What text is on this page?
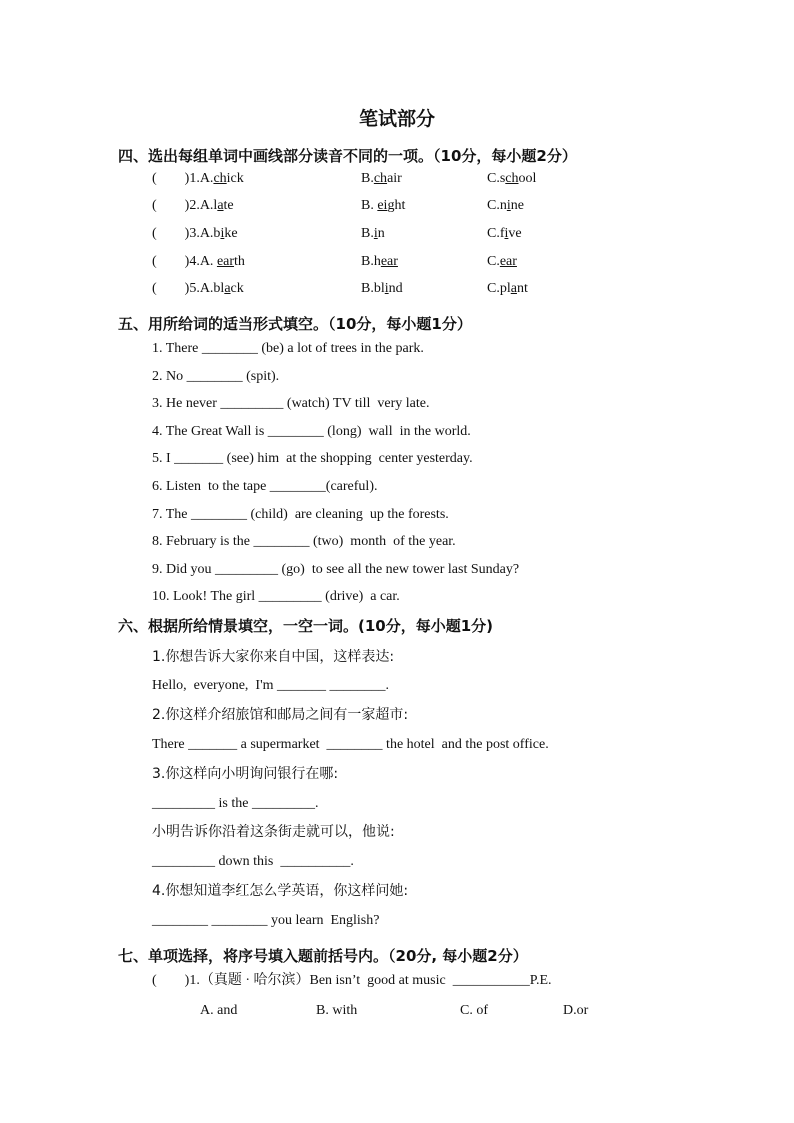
笔试部分
四、选出每组单词中画线部分读音不同的一项。（10分，每小题2分）
(        )1.A.chick	B.chair	C.school
(        )2.A.late	B. eight	C.nine
(        )3.A.bike	B.in	C.five
(        )4.A. earth	B.hear	C.ear
(        )5.A.black	B.blind	C.plant
五、用所给词的适当形式填空。（10分，每小题1分）
1. There ________ (be) a lot of trees in the park.
2. No ________ (spit).
3. He never _________ (watch) TV till  very late.
4. The Great Wall is ________ (long)  wall  in the world.
5. I _______ (see) him  at the shopping  center yesterday.
6. Listen  to the tape ________(careful).
7. The ________ (child)  are cleaning  up the forests.
8. February is the ________ (two)  month  of the year.
9. Did you _________ (go)  to see all the new tower last Sunday?
10. Look! The girl _________ (drive)  a car.
六、根据所给情景填空，一空一词。(10分，每小题1分)
1.你想告诉大家你来自中国，这样表达:
Hello,  everyone,  I'm _______ ________.
2.你这样介绍旅馆和邮局之间有一家超市:
There _______ a supermarket  ________ the hotel  and the post office.
3.你这样向小明询问银行在哪:
_________ is the _________.
小明告诉你沿着这条街走就可以，他说:
_________ down this  __________.
4.你想知道李红怎么学英语，你这样问她:
________ ________ you learn  English?
七、单项选择，将序号填入题前括号内。（20分, 每小题2分）
(        )1.（真题 · 哈尔滨）Ben isn’t  good at music  ___________P.E.
A. and	B. with	C. of	D.or
